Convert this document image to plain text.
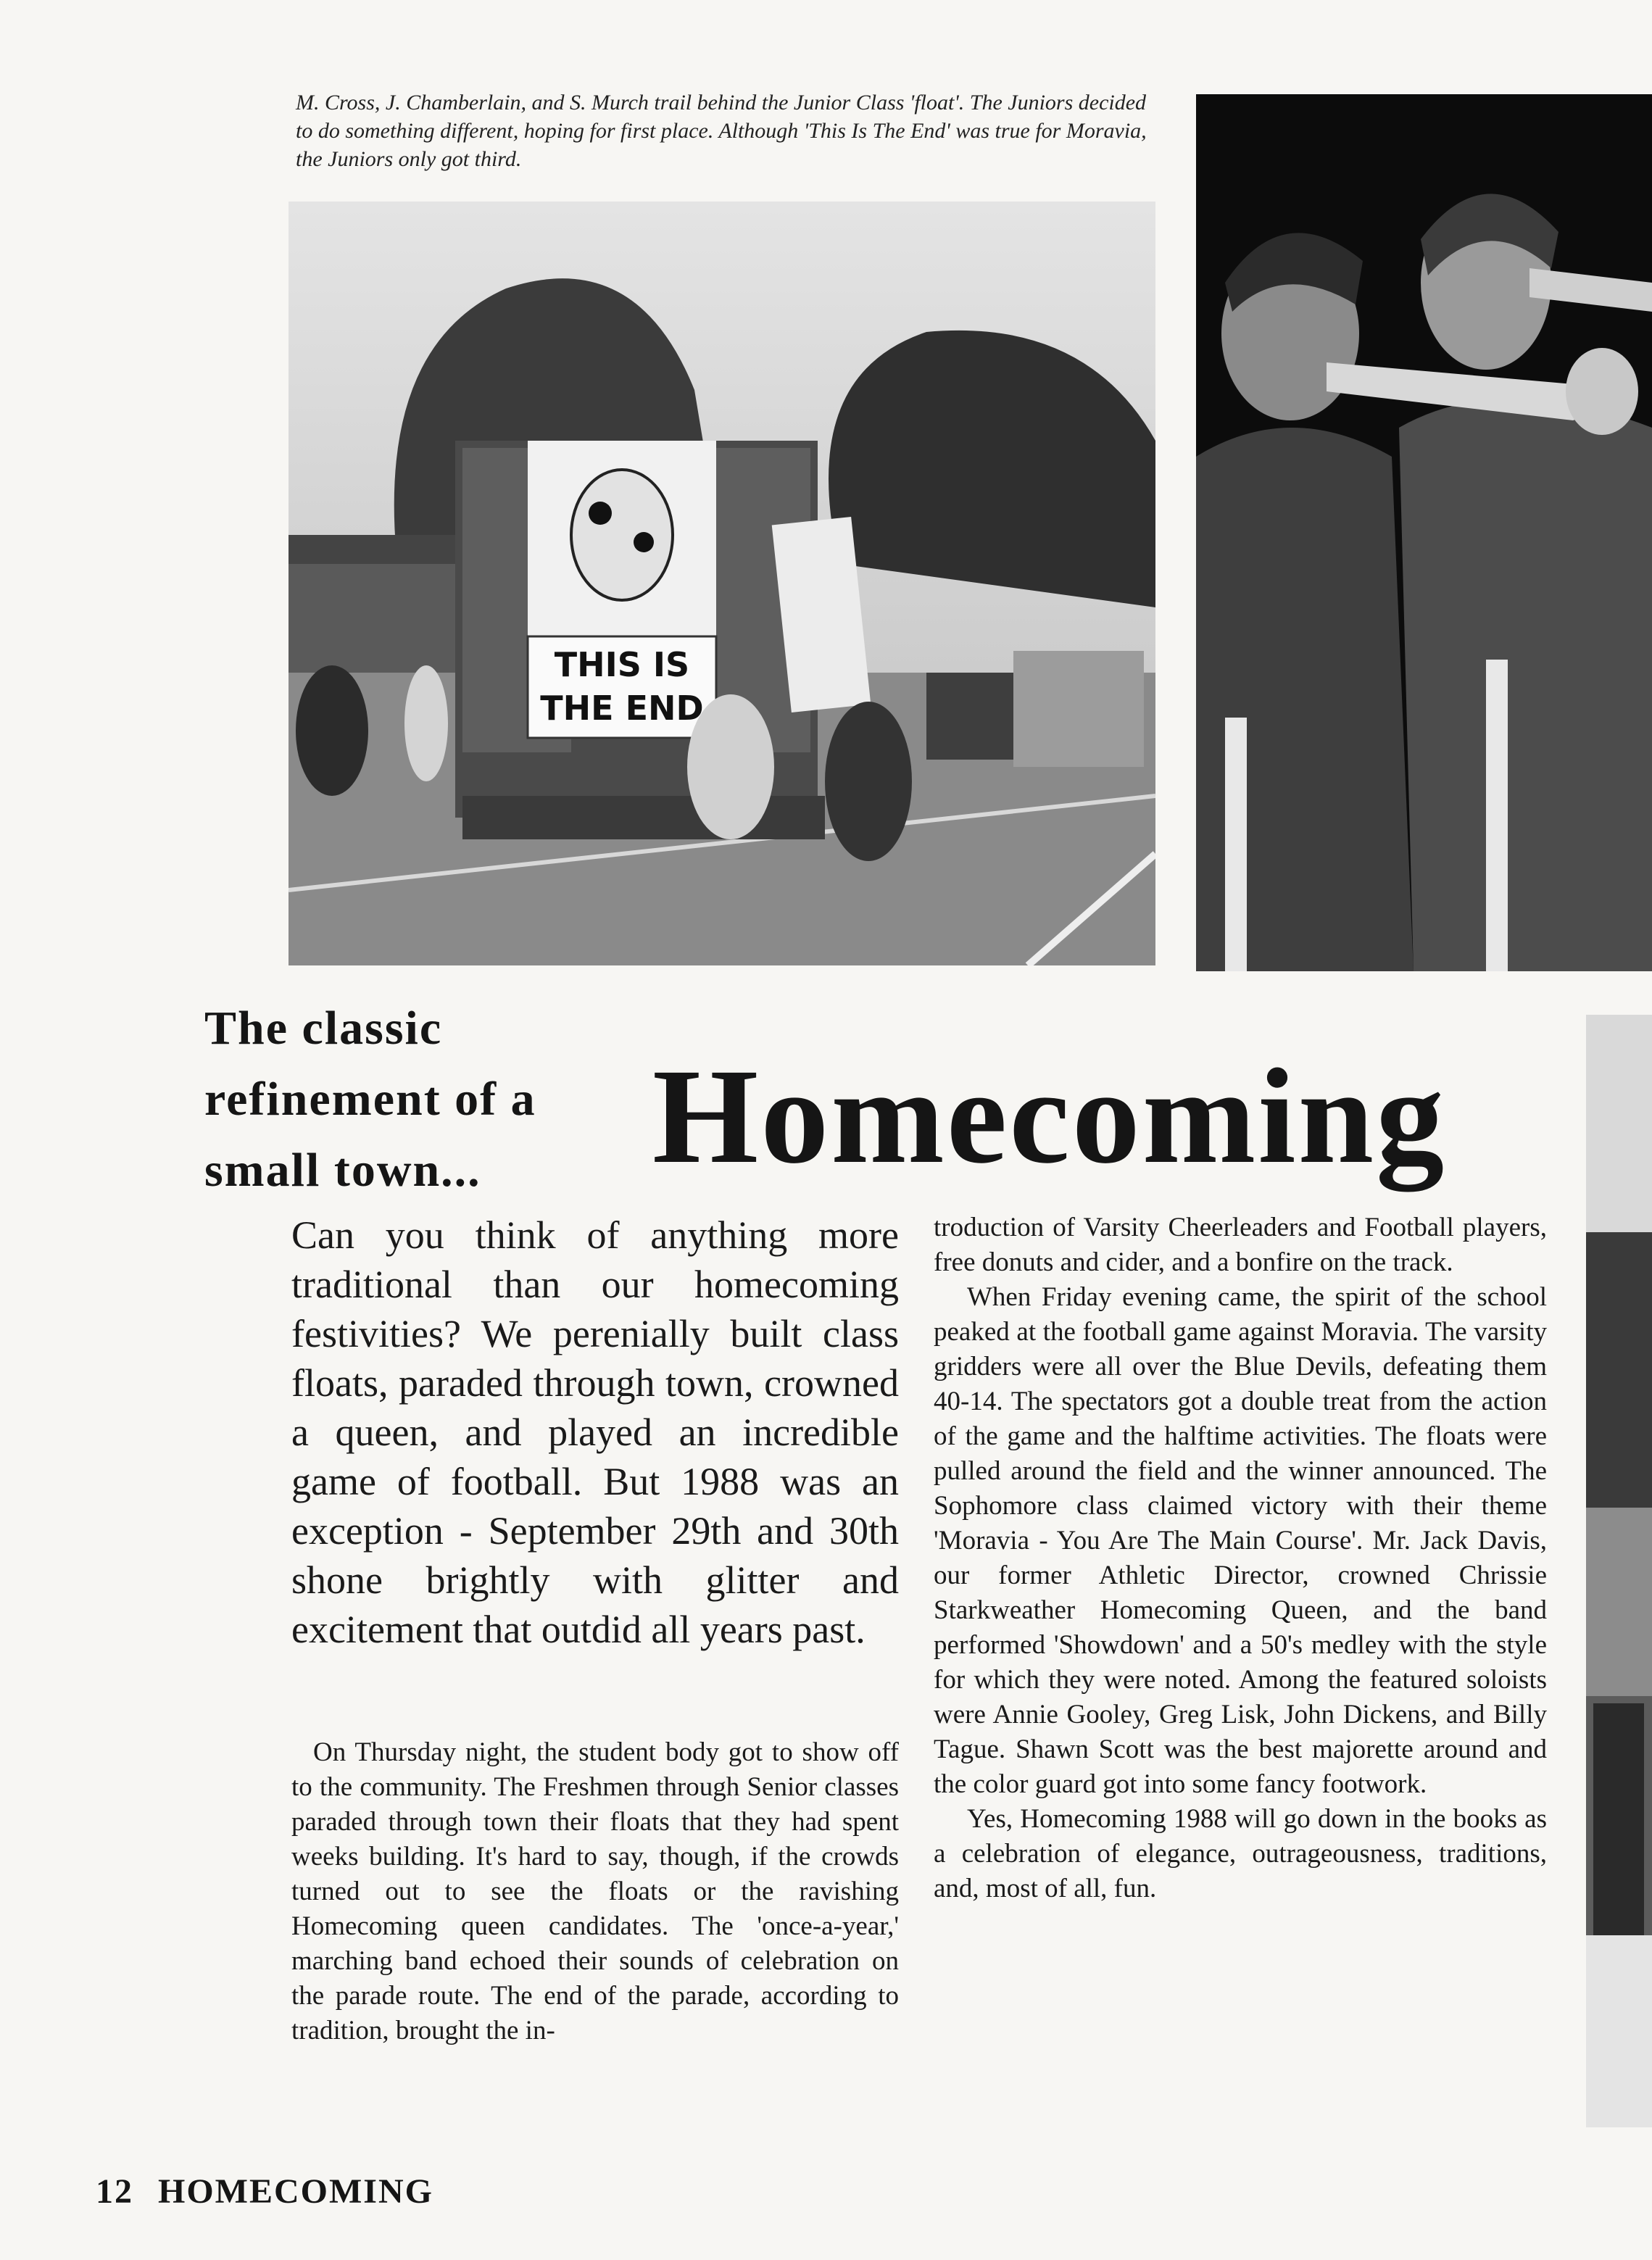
M. Cross, J. Chamberlain, and S. Murch trail behind the Junior Class 'float'. The Juniors decided to do something different, hoping for first place. Although 'This Is The End' was true for Moravia, the Juniors only got third.
THIS IS
THE END
The classic refinement of a small town...	Homecoming
Can you think of anything more traditional than our homecoming festivities? We perenially built class floats, paraded through town, crowned a queen, and played an incredible game of football. But 1988 was an exception - September 29th and 30th shone brightly with glitter and excitement that outdid all years past.
On Thursday night, the student body got to show off to the community. The Freshmen through Senior classes paraded through town their floats that they had spent weeks building. It's hard to say, though, if the crowds turned out to see the floats or the ravishing Homecoming queen candidates. The 'once-a-year,' marching band echoed their sounds of celebration on the parade route. The end of the parade, according to tradition, brought the in-

troduction of Varsity Cheerleaders and Football players, free donuts and cider, and a bonfire on the track.

When Friday evening came, the spirit of the school peaked at the football game against Moravia. The varsity gridders were all over the Blue Devils, defeating them 40-14. The spectators got a double treat from the action of the game and the halftime activities. The floats were pulled around the field and the winner announced. The Sophomore class claimed victory with their theme 'Moravia - You Are The Main Course'. Mr. Jack Davis, our former Athletic Director, crowned Chrissie Starkweather Homecoming Queen, and the band performed 'Showdown' and a 50's medley with the style for which they were noted. Among the featured soloists were Annie Gooley, Greg Lisk, John Dickens, and Billy Tague. Shawn Scott was the best majorette around and the color guard got into some fancy footwork.

Yes, Homecoming 1988 will go down in the books as a celebration of elegance, outrageousness, traditions, and, most of all, fun.

12 HOMECOMING
